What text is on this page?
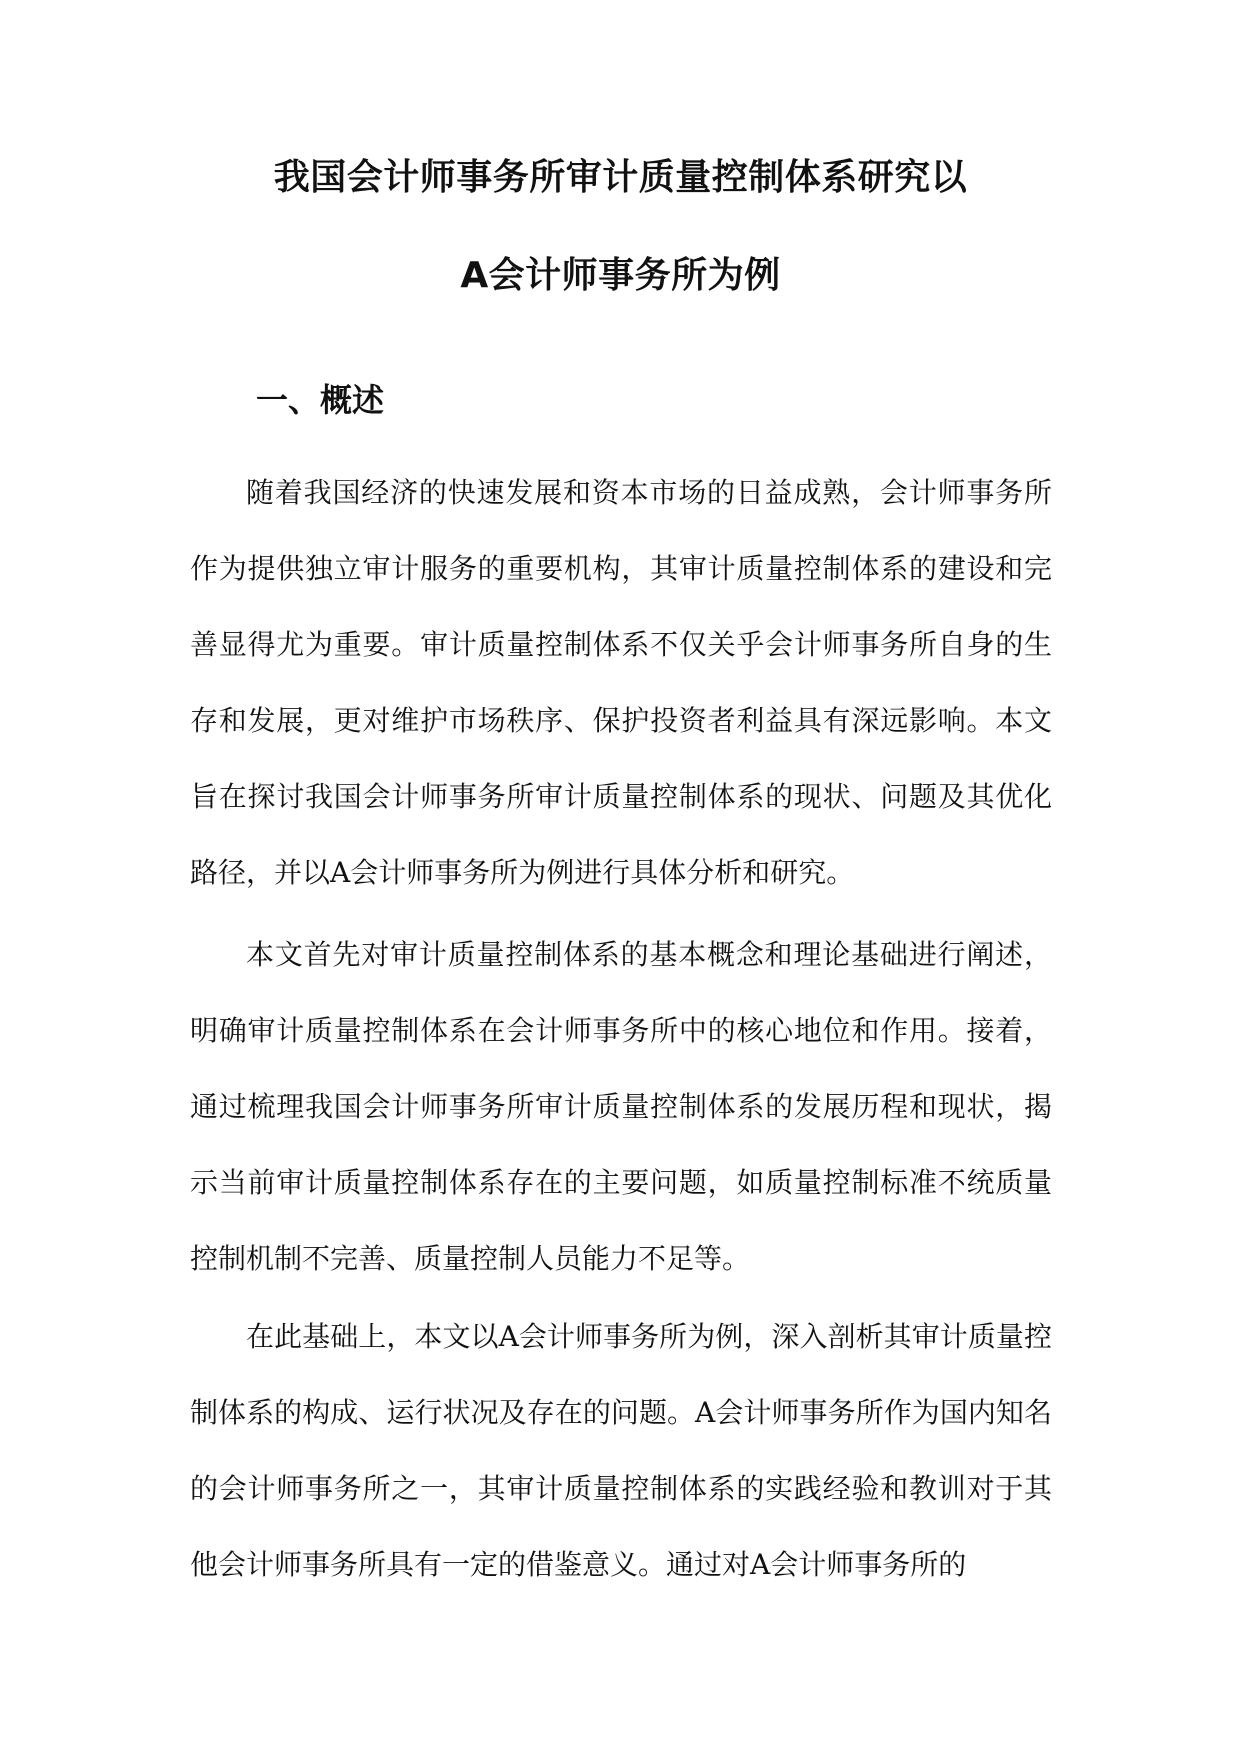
我国会计师事务所审计质量控制体系研究以
A会计师事务所为例
一、概述

随着我国经济的快速发展和资本市场的日益成熟，会计师事务所作为提供独立审计服务的重要机构，其审计质量控制体系的建设和完善显得尤为重要。审计质量控制体系不仅关乎会计师事务所自身的生存和发展，更对维护市场秩序、保护投资者利益具有深远影响。本文旨在探讨我国会计师事务所审计质量控制体系的现状、问题及其优化路径，并以A会计师事务所为例进行具体分析和研究。

本文首先对审计质量控制体系的基本概念和理论基础进行阐述，明确审计质量控制体系在会计师事务所中的核心地位和作用。接着，通过梳理我国会计师事务所审计质量控制体系的发展历程和现状，揭示当前审计质量控制体系存在的主要问题，如质量控制标准不统质量控制机制不完善、质量控制人员能力不足等。

在此基础上，本文以A会计师事务所为例，深入剖析其审计质量控制体系的构成、运行状况及存在的问题。A会计师事务所作为国内知名的会计师事务所之一，其审计质量控制体系的实践经验和教训对于其他会计师事务所具有一定的借鉴意义。通过对A会计师事务所的
